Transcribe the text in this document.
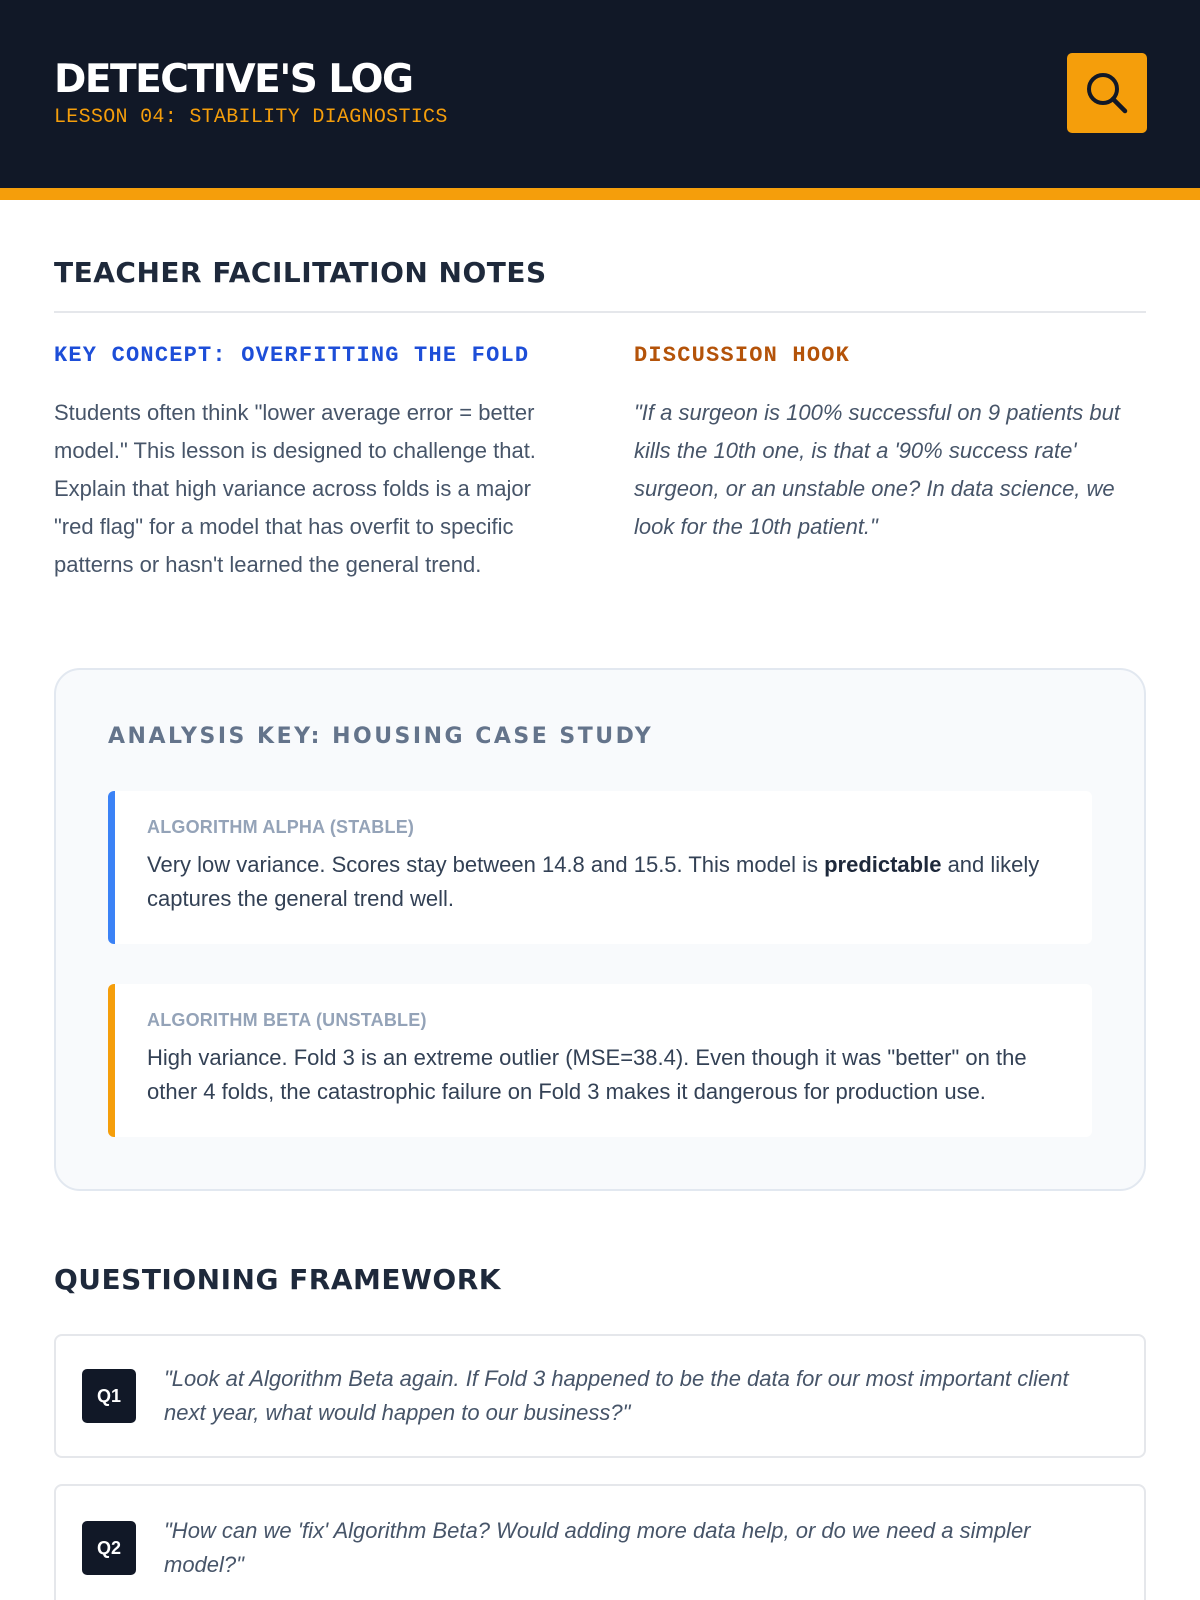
DETECTIVE'S LOG
LESSON 04: STABILITY DIAGNOSTICS
TEACHER FACILITATION NOTES
KEY CONCEPT: OVERFITTING THE FOLD

Students often think "lower average error = better model." This lesson is designed to challenge that. Explain that high variance across folds is a major "red flag" for a model that has overfit to specific patterns or hasn't learned the general trend.

DISCUSSION HOOK

"If a surgeon is 100% successful on 9 patients but kills the 10th one, is that a '90% success rate' surgeon, or an unstable one? In data science, we look for the 10th patient."

ANALYSIS KEY: HOUSING CASE STUDY
ALGORITHM ALPHA (STABLE)

Very low variance. Scores stay between 14.8 and 15.5. This model is predictable and likely captures the general trend well.

ALGORITHM BETA (UNSTABLE)

High variance. Fold 3 is an extreme outlier (MSE=38.4). Even though it was "better" on the other 4 folds, the catastrophic failure on Fold 3 makes it dangerous for production use.

QUESTIONING FRAMEWORK
Q1

"Look at Algorithm Beta again. If Fold 3 happened to be the data for our most important client next year, what would happen to our business?"

Q2

"How can we 'fix' Algorithm Beta? Would adding more data help, or do we need a simpler model?"
